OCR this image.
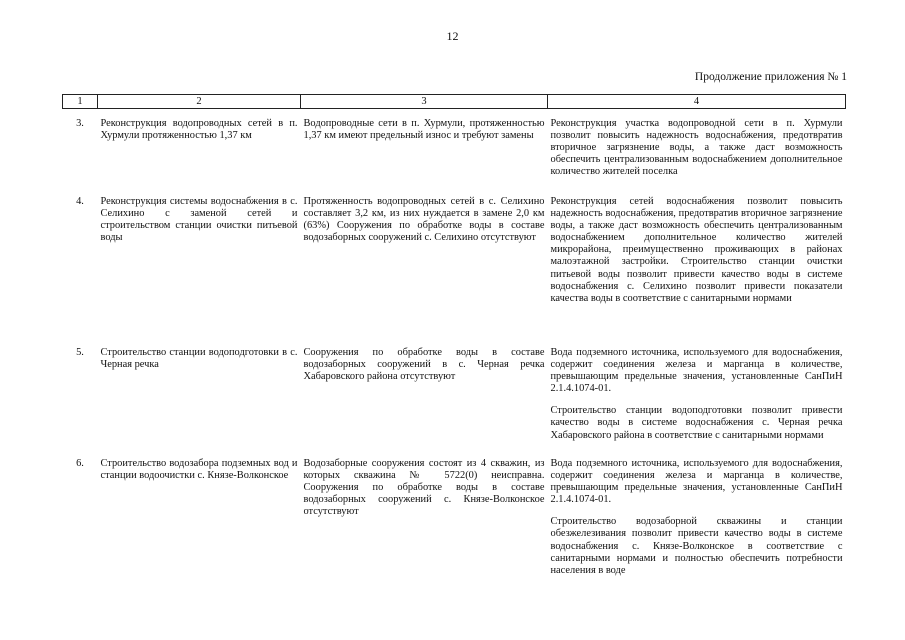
12
Продолжение приложения № 1
1	2	3	4
3.	Реконструкция водопроводных сетей в п. Хурмули протяженностью 1,37 км	Водопроводные сети в п. Хурмули, протяженностью 1,37 км имеют предельный износ и требуют замены	Реконструкция участка водопроводной сети в п. Хурмули позволит повысить надежность водоснабжения, предотвратив вторичное загрязнение воды, а также даст возможность обеспечить централизованным водоснабжением дополнительное количество жителей поселка

4.	Реконструкция системы водоснабжения в с. Селихино с заменой сетей и строительством станции очистки питьевой воды	Протяженность водопроводных сетей в с. Селихино составляет 3,2 км, из них нуждается в замене 2,0 км (63%) Сооружения по обработке воды в составе водозаборных сооружений с. Селихино отсутствуют	Реконструкция сетей водоснабжения позволит повысить надежность водоснабжения, предотвратив вторичное загрязнение воды, а также даст возможность обеспечить централизованным водоснабжением дополнительное количество жителей микрорайона, преимущественно проживающих в районах малоэтажной застройки. Строительство станции очистки питьевой воды позволит привести качество воды в системе водоснабжения с. Селихино позволит привести показатели качества воды в соответствие с санитарными нормами

5.	Строительство станции водоподготовки в с. Черная речка	Сооружения по обработке воды в составе водозаборных сооружений в с. Черная речка Хабаровского района отсутствуют	Вода подземного источника, используемого для водоснабжения, содержит соединения железа и марганца в количестве, превышающим предельные значения, установленные СанПиН 2.1.4.1074-01.

Строительство станции водоподготовки позволит привести качество воды в системе водоснабжения с. Черная речка Хабаровского района в соответствие с санитарными нормами

6.	Строительство водозабора подземных вод и станции водоочистки с. Князе-Волконское	Водозаборные сооружения состоят из 4 скважин, из которых скважина № 5722(0) неисправна. Сооружения по обработке воды в составе водозаборных сооружений с. Князе-Волконское отсутствуют	Вода подземного источника, используемого для водоснабжения, содержит соединения железа и марганца в количестве, превышающим предельные значения, установленные СанПиН 2.1.4.1074-01.

Строительство водозаборной скважины и станции обезжелезивания позволит привести качество воды в системе водоснабжения с. Князе-Волконское в соответствие с санитарными нормами и полностью обеспечить потребности населения в воде
